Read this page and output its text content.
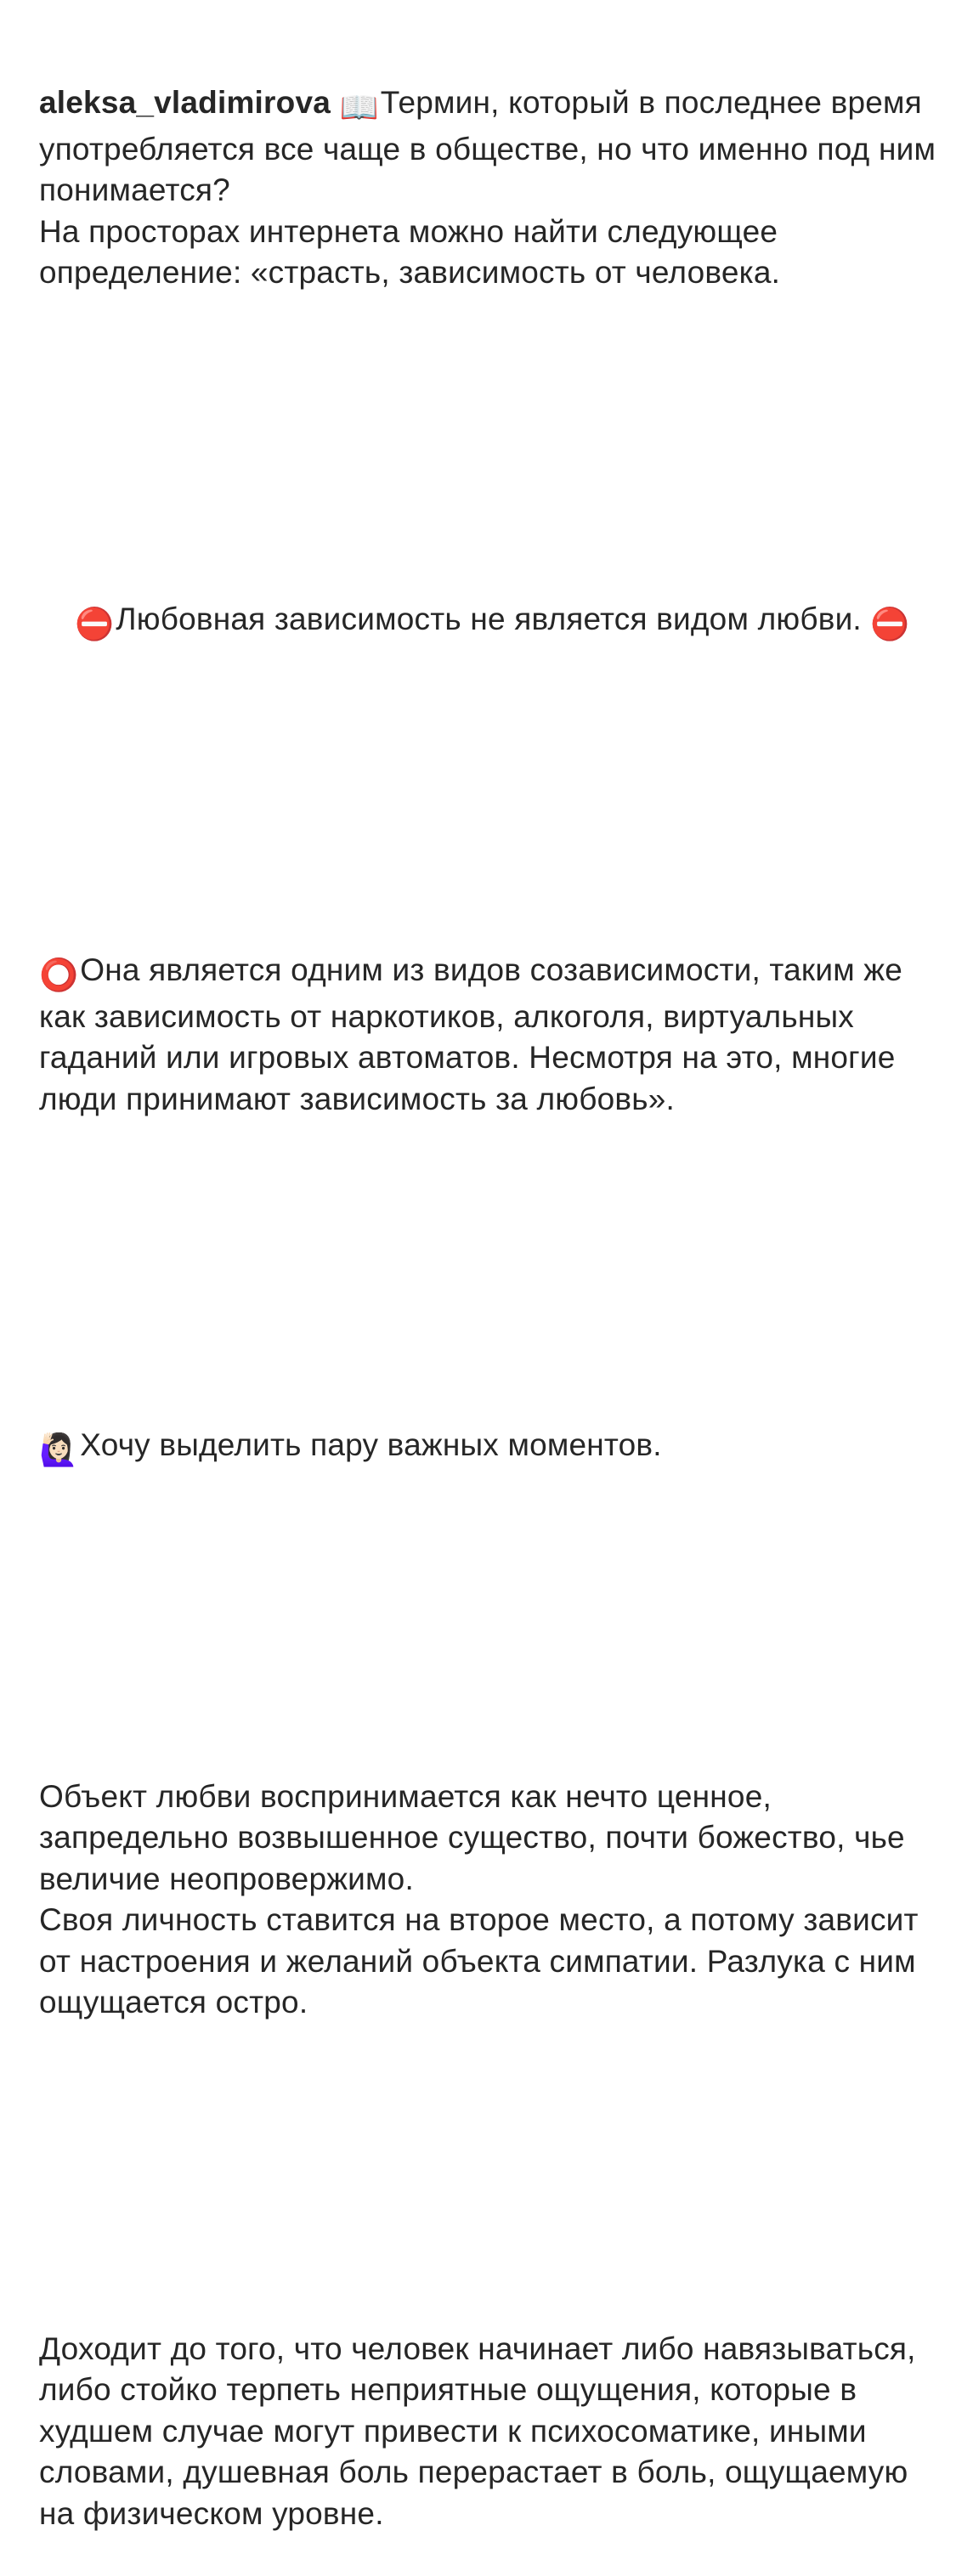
aleksa_vladimirova 📖Термин, который в последнее время употребляется все чаще в обществе, но что именно под ним понимается?
На просторах интернета можно найти следующее определение: «страсть, зависимость от человека.

⛔Любовная зависимость не является видом любви. ⛔

⭕Она является одним из видов созависимости, таким же как зависимость от наркотиков, алкоголя, виртуальных гаданий или игровых автоматов. Несмотря на это, многие люди принимают зависимость за любовь».

🙋🏻‍♀️Хочу выделить пару важных моментов.

Объект любви воспринимается как нечто ценное, запредельно возвышенное существо, почти божество, чье величие неопровержимо.
Своя личность ставится на второе место, а потому зависит от настроения и желаний объекта симпатии. Разлука с ним ощущается остро.

Доходит до того, что человек начинает либо навязываться, либо стойко терпеть неприятные ощущения, которые в худшем случае могут привести к психосоматике, иными словами, душевная боль перерастает в боль, ощущаемую на физическом уровне.
